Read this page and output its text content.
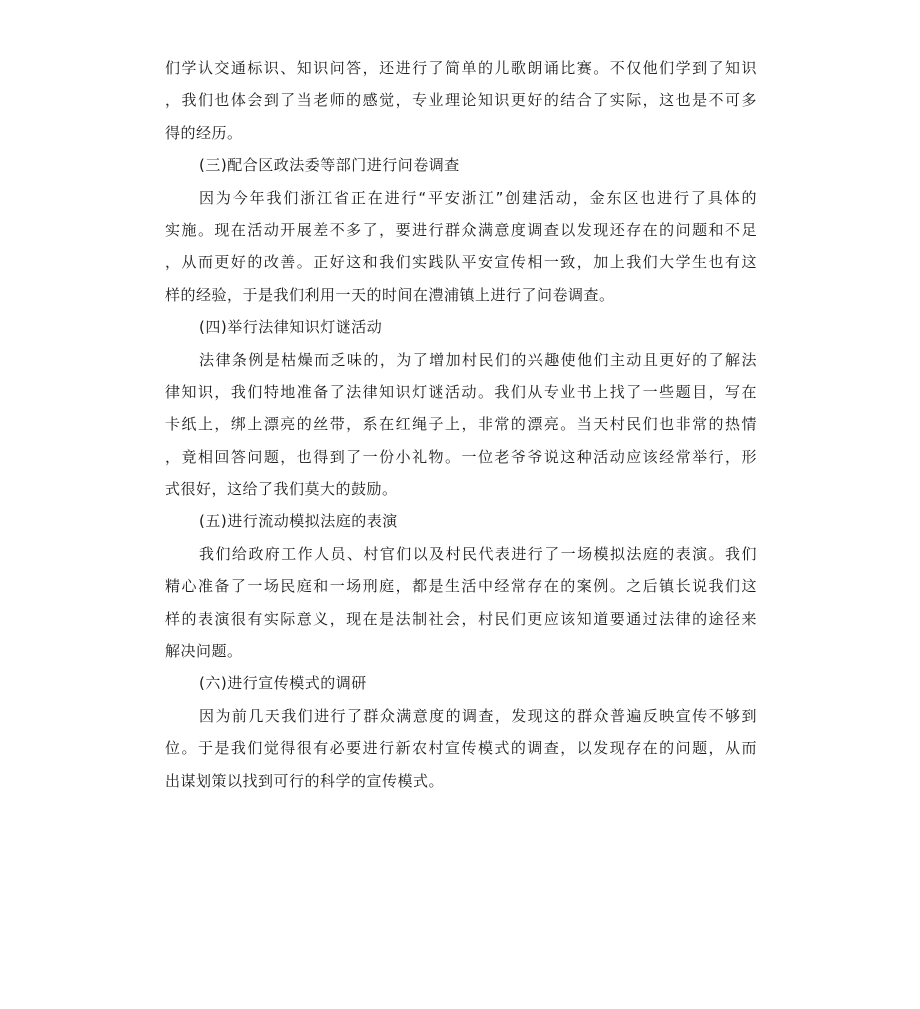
们学认交通标识、知识问答，还进行了简单的儿歌朗诵比赛。不仅他们学到了知识
，我们也体会到了当老师的感觉，专业理论知识更好的结合了实际，这也是不可多
得的经历。
(三)配合区政法委等部门进行问卷调查
因为今年我们浙江省正在进行“平安浙江”创建活动，金东区也进行了具体的
实施。现在活动开展差不多了，要进行群众满意度调查以发现还存在的问题和不足
，从而更好的改善。正好这和我们实践队平安宣传相一致，加上我们大学生也有这
样的经验，于是我们利用一天的时间在澧浦镇上进行了问卷调查。
(四)举行法律知识灯谜活动
法律条例是枯燥而乏味的，为了增加村民们的兴趣使他们主动且更好的了解法
律知识，我们特地准备了法律知识灯谜活动。我们从专业书上找了一些题目，写在
卡纸上，绑上漂亮的丝带，系在红绳子上，非常的漂亮。当天村民们也非常的热情
，竟相回答问题，也得到了一份小礼物。一位老爷爷说这种活动应该经常举行，形
式很好，这给了我们莫大的鼓励。
(五)进行流动模拟法庭的表演
我们给政府工作人员、村官们以及村民代表进行了一场模拟法庭的表演。我们
精心准备了一场民庭和一场刑庭，都是生活中经常存在的案例。之后镇长说我们这
样的表演很有实际意义，现在是法制社会，村民们更应该知道要通过法律的途径来
解决问题。
(六)进行宣传模式的调研
因为前几天我们进行了群众满意度的调查，发现这的群众普遍反映宣传不够到
位。于是我们觉得很有必要进行新农村宣传模式的调查，以发现存在的问题，从而
出谋划策以找到可行的科学的宣传模式。
